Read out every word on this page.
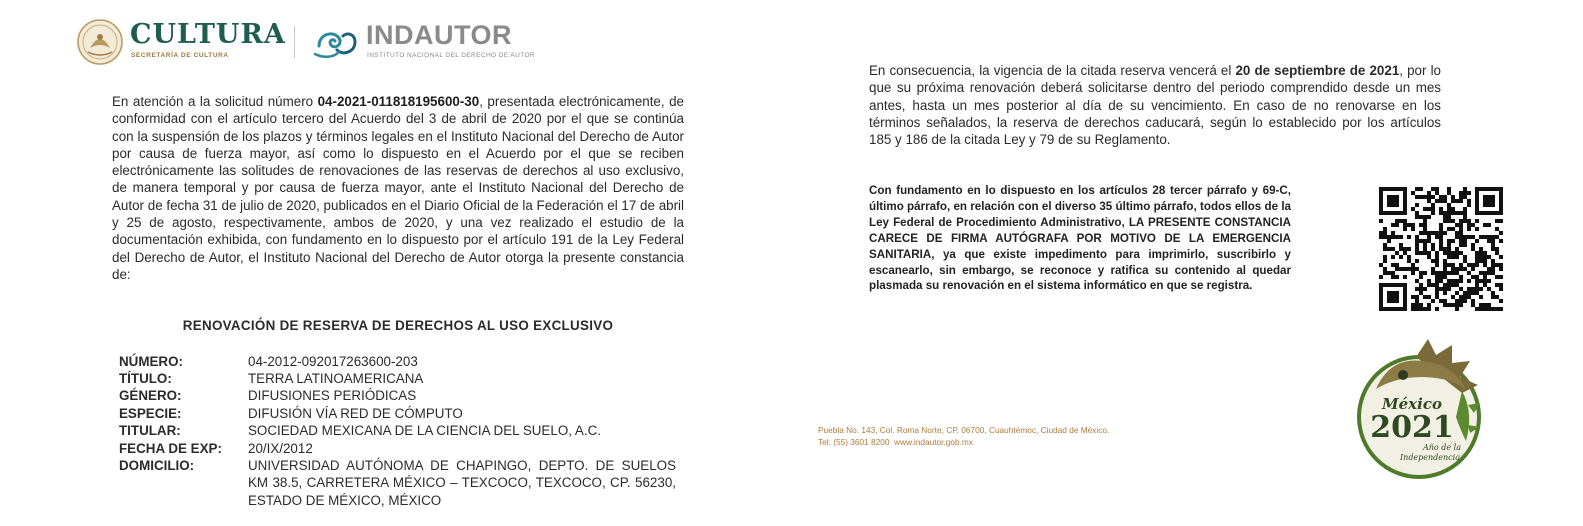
CULTURA
SECRETARÍA DE CULTURA
INDAUTOR
INSTITUTO NACIONAL DEL DERECHO DE AUTOR
En atención a la solicitud número 04-2021-011818195600-30, presentada electrónicamente, de conformidad con el artículo tercero del Acuerdo del 3 de abril de 2020 por el que se continúa con la suspensión de los plazos y términos legales en el Instituto Nacional del Derecho de Autor por causa de fuerza mayor, así como lo dispuesto en el Acuerdo por el que se reciben electrónicamente las solitudes de renovaciones de las reservas de derechos al uso exclusivo, de manera temporal y por causa de fuerza mayor, ante el Instituto Nacional del Derecho de Autor de fecha 31 de julio de 2020, publicados en el Diario Oficial de la Federación el 17 de abril y 25 de agosto, respectivamente, ambos de 2020, y una vez realizado el estudio de la documentación exhibida, con fundamento en lo dispuesto por el artículo 191 de la Ley Federal del Derecho de Autor, el Instituto Nacional del Derecho de Autor otorga la presente constancia de:
RENOVACIÓN DE RESERVA DE DERECHOS AL USO EXCLUSIVO
NÚMERO:	04-2012-092017263600-203
TÍTULO:	TERRA LATINOAMERICANA
GÉNERO:	DIFUSIONES PERIÓDICAS
ESPECIE:	DIFUSIÓN VÍA RED DE CÓMPUTO
TITULAR:	SOCIEDAD MEXICANA DE LA CIENCIA DEL SUELO, A.C.
FECHA DE EXP:	20/IX/2012
DOMICILIO:	UNIVERSIDAD AUTÓNOMA DE CHAPINGO, DEPTO. DE SUELOS KM 38.5, CARRETERA MÉXICO – TEXCOCO, TEXCOCO, CP. 56230, ESTADO DE MÉXICO, MÉXICO
En consecuencia, la vigencia de la citada reserva vencerá el 20 de septiembre de 2021, por lo que su próxima renovación deberá solicitarse dentro del periodo comprendido desde un mes antes, hasta un mes posterior al día de su vencimiento. En caso de no renovarse en los términos señalados, la reserva de derechos caducará, según lo establecido por los artículos 185 y 186 de la citada Ley y 79 de su Reglamento.
Con fundamento en lo dispuesto en los artículos 28 tercer párrafo y 69-C, último párrafo, en relación con el diverso 35 último párrafo, todos ellos de la Ley Federal de Procedimiento Administrativo, LA PRESENTE CONSTANCIA CARECE DE FIRMA AUTÓGRAFA POR MOTIVO DE LA EMERGENCIA SANITARIA, ya que existe impedimento para imprimirlo, suscribirlo y escanearlo, sin embargo, se reconoce y ratifica su contenido al quedar plasmada su renovación en el sistema informático en que se registra.
Puebla No. 143, Col. Roma Norte, CP. 06700, Cuauhtémoc, Ciudad de México.
Tel: (55) 3601 8200  www.indautor.gob.mx
México
2021
Año de la
Independencia
